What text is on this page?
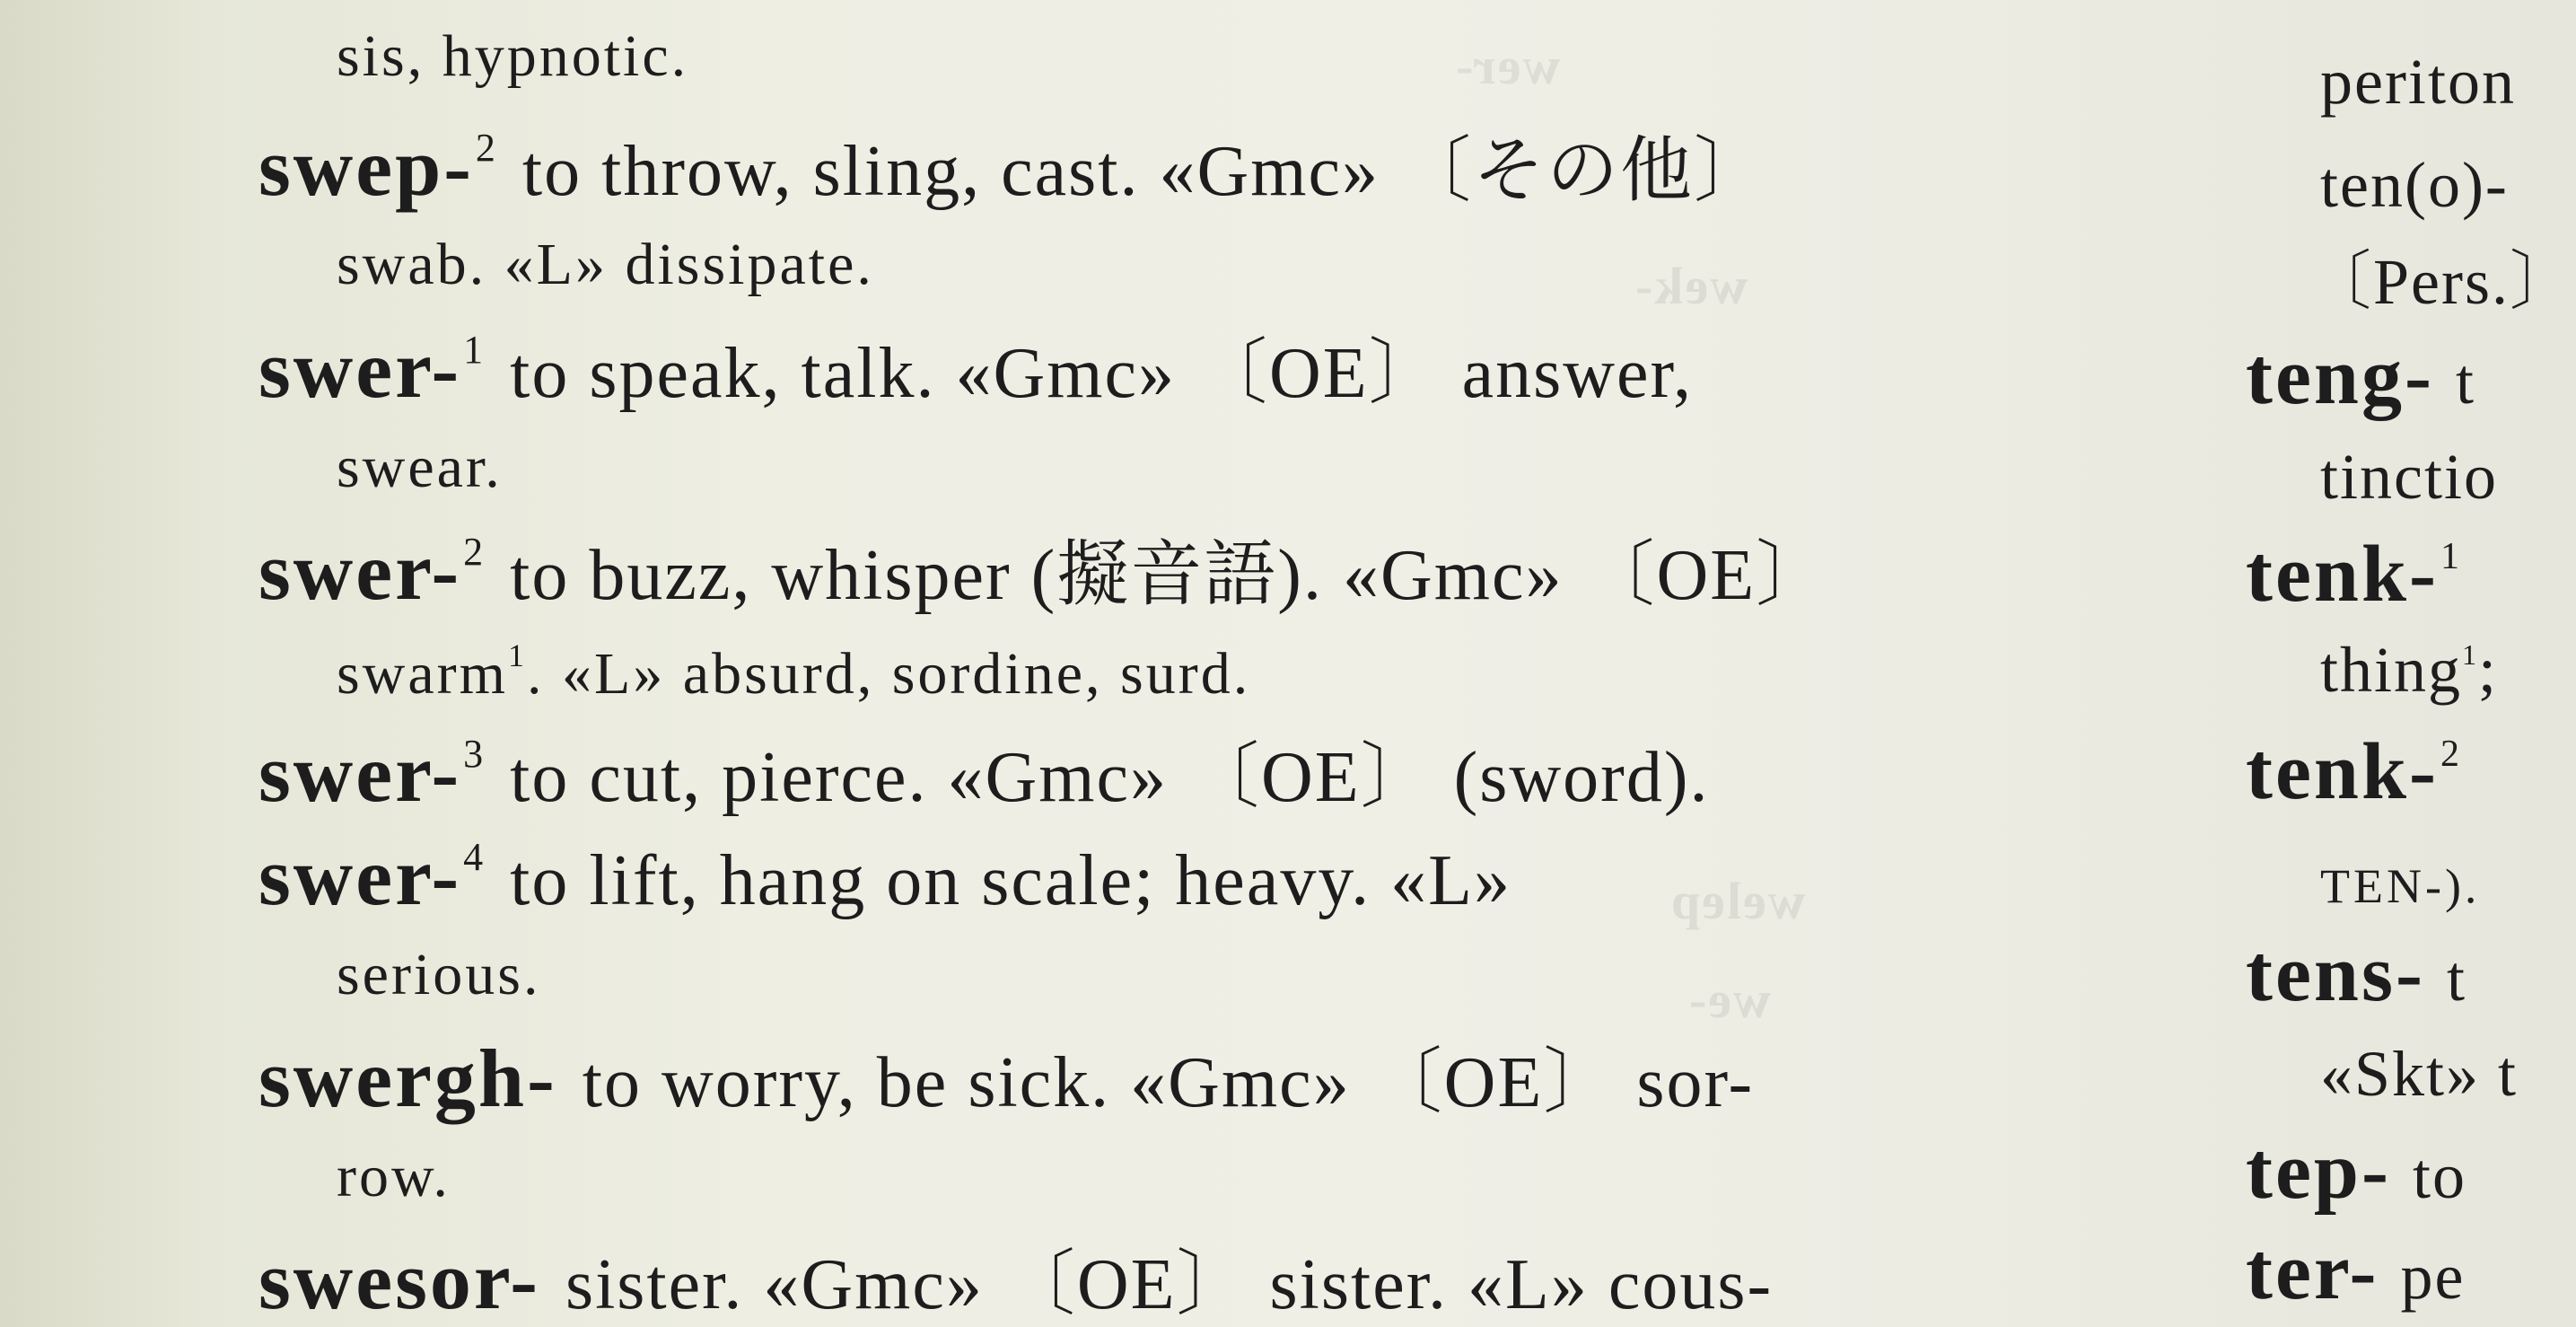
wer-
wek-
welep
we-
sis, hypnotic.
swep-$^2$ to throw, sling, cast. «Gmc» 〔その他〕
swab. «L» dissipate.
swer-$^1$ to speak, talk. «Gmc» 〔OE〕 answer,
swear.
swer-$^2$ to buzz, whisper (擬音語). «Gmc» 〔OE〕
swarm$^1$. «L» absurd, sordine, surd.
swer-$^3$ to cut, pierce. «Gmc» 〔OE〕 (sword).
swer-$^4$ to lift, hang on scale; heavy. «L»
serious.
swergh- to worry, be sick. «Gmc» 〔OE〕 sor-
row.
swesor- sister. «Gmc» 〔OE〕 sister. «L» cous-
periton
ten(o)-
〔Pers.〕
teng- t
tinctio
tenk-$^1$
thing$^1$;
tenk-$^2$
TEN-).
tens- t
«Skt» t
tep- to
ter- pe
